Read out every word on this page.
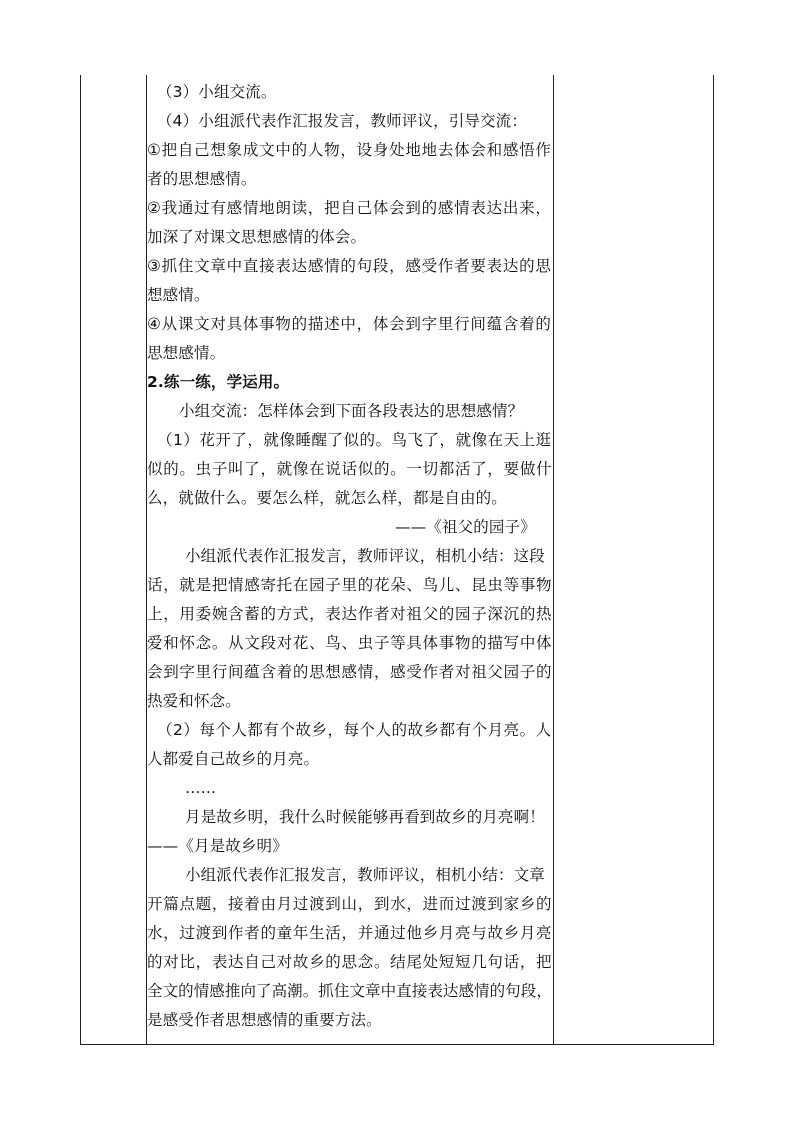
（3）小组交流。
（4）小组派代表作汇报发言，教师评议，引导交流：
①把自己想象成文中的人物，设身处地地去体会和感悟作
者的思想感情。
②我通过有感情地朗读，把自己体会到的感情表达出来，
加深了对课文思想感情的体会。
③抓住文章中直接表达感情的句段，感受作者要表达的思
想感情。
④从课文对具体事物的描述中，体会到字里行间蕴含着的
思想感情。
2.练一练，学运用。
小组交流：怎样体会到下面各段表达的思想感情？
（1）花开了，就像睡醒了似的。鸟飞了，就像在天上逛
似的。虫子叫了，就像在说话似的。一切都活了，要做什
么，就做什么。要怎么样，就怎么样，都是自由的。
——《祖父的园子》
小组派代表作汇报发言，教师评议，相机小结：这段
话，就是把情感寄托在园子里的花朵、鸟儿、昆虫等事物
上，用委婉含蓄的方式，表达作者对祖父的园子深沉的热
爱和怀念。从文段对花、鸟、虫子等具体事物的描写中体
会到字里行间蕴含着的思想感情，感受作者对祖父园子的
热爱和怀念。
（2）每个人都有个故乡，每个人的故乡都有个月亮。人
人都爱自己故乡的月亮。
……
月是故乡明，我什么时候能够再看到故乡的月亮啊！
——《月是故乡明》
小组派代表作汇报发言，教师评议，相机小结：文章
开篇点题，接着由月过渡到山，到水，进而过渡到家乡的
水，过渡到作者的童年生活，并通过他乡月亮与故乡月亮
的对比，表达自己对故乡的思念。结尾处短短几句话，把
全文的情感推向了高潮。抓住文章中直接表达感情的句段，
是感受作者思想感情的重要方法。
